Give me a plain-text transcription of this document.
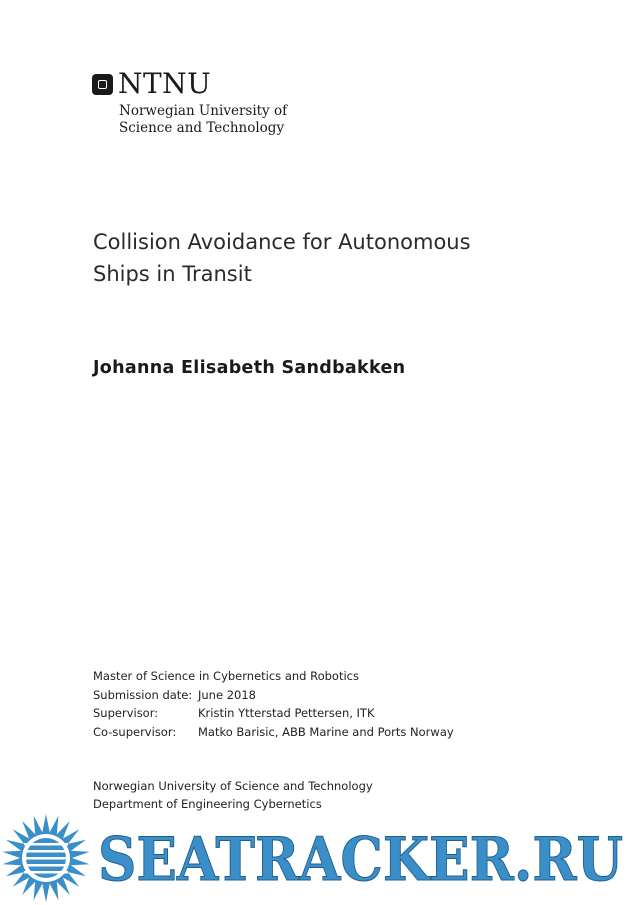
NTNU
Norwegian University of
Science and Technology
Collision Avoidance for Autonomous
Ships in Transit
Johanna Elisabeth Sandbakken
Master of Science in Cybernetics and Robotics
Submission date: June 2018
Supervisor:	Kristin Ytterstad Pettersen, ITK
Co-supervisor: Matko Barisic, ABB Marine and Ports Norway
Norwegian University of Science and Technology
Department of Engineering Cybernetics
SEATRACKER.RU
